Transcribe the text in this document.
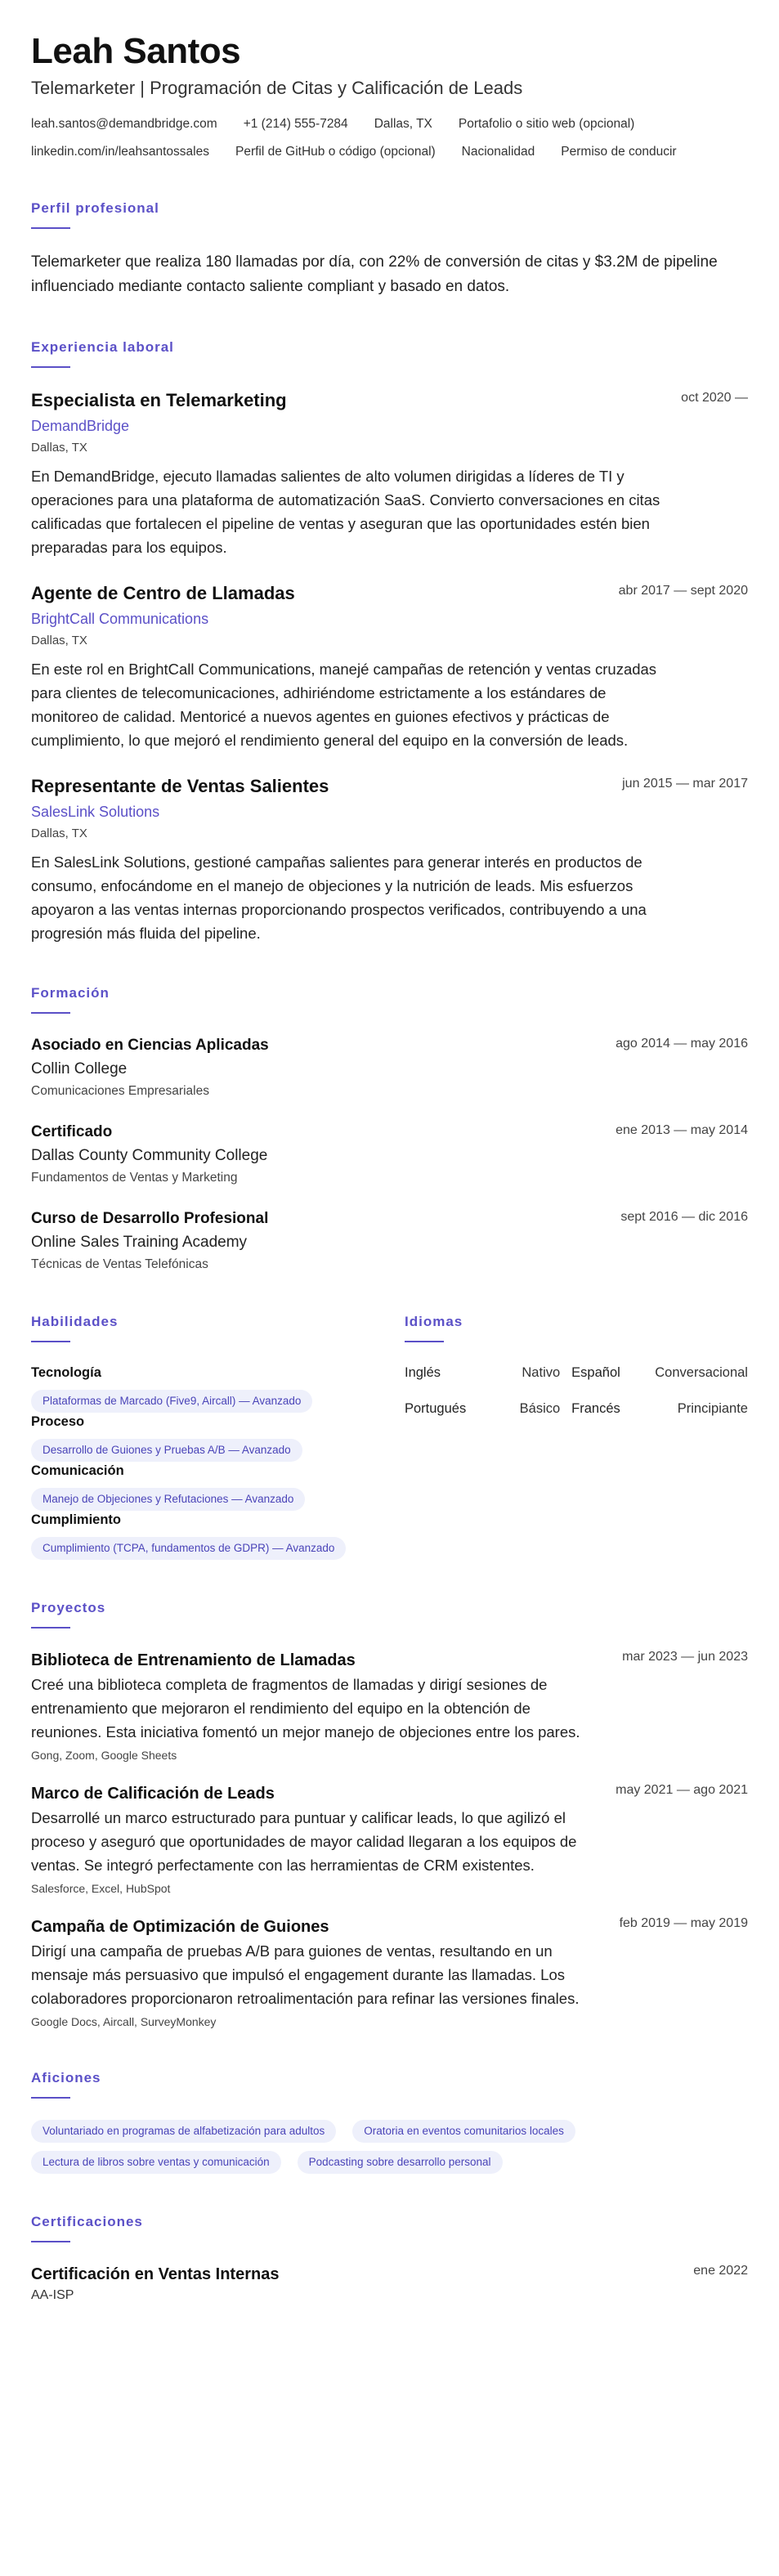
Leah Santos
Telemarketer | Programación de Citas y Calificación de Leads
leah.santos@demandbridge.com +1 (214) 555-7284 Dallas, TX Portafolio o sitio web (opcional)
linkedin.com/in/leahsantossales Perfil de GitHub o código (opcional) Nacionalidad Permiso de conducir
Perfil profesional

Telemarketer que realiza 180 llamadas por día, con 22% de conversión de citas y $3.2M de pipeline influenciado mediante contacto saliente compliant y basado en datos.

Experiencia laboral
Especialista en Telemarketing	oct 2020 —
DemandBridge
Dallas, TX

En DemandBridge, ejecuto llamadas salientes de alto volumen dirigidas a líderes de TI y operaciones para una plataforma de automatización SaaS. Convierto conversaciones en citas calificadas que fortalecen el pipeline de ventas y aseguran que las oportunidades estén bien preparadas para los equipos.

Agente de Centro de Llamadas	abr 2017 — sept 2020
BrightCall Communications
Dallas, TX

En este rol en BrightCall Communications, manejé campañas de retención y ventas cruzadas para clientes de telecomunicaciones, adhiriéndome estrictamente a los estándares de monitoreo de calidad. Mentoricé a nuevos agentes en guiones efectivos y prácticas de cumplimiento, lo que mejoró el rendimiento general del equipo en la conversión de leads.

Representante de Ventas Salientes	jun 2015 — mar 2017
SalesLink Solutions
Dallas, TX

En SalesLink Solutions, gestioné campañas salientes para generar interés en productos de consumo, enfocándome en el manejo de objeciones y la nutrición de leads. Mis esfuerzos apoyaron a las ventas internas proporcionando prospectos verificados, contribuyendo a una progresión más fluida del pipeline.

Formación
Asociado en Ciencias Aplicadas	ago 2014 — may 2016
Collin College
Comunicaciones Empresariales
Certificado	ene 2013 — may 2014
Dallas County Community College
Fundamentos de Ventas y Marketing
Curso de Desarrollo Profesional	sept 2016 — dic 2016
Online Sales Training Academy
Técnicas de Ventas Telefónicas
Habilidades
Tecnología
Plataformas de Marcado (Five9, Aircall) — Avanzado
Proceso
Desarrollo de Guiones y Pruebas A/B — Avanzado
Comunicación
Manejo de Objeciones y Refutaciones — Avanzado
Cumplimiento
Cumplimiento (TCPA, fundamentos de GDPR) — Avanzado
Idiomas
Inglés	Nativo Español	Conversacional
Portugués	Básico Francés	Principiante
Proyectos
Biblioteca de Entrenamiento de Llamadas	mar 2023 — jun 2023

Creé una biblioteca completa de fragmentos de llamadas y dirigí sesiones de entrenamiento que mejoraron el rendimiento del equipo en la obtención de reuniones. Esta iniciativa fomentó un mejor manejo de objeciones entre los pares.

Gong, Zoom, Google Sheets
Marco de Calificación de Leads	may 2021 — ago 2021

Desarrollé un marco estructurado para puntuar y calificar leads, lo que agilizó el proceso y aseguró que oportunidades de mayor calidad llegaran a los equipos de ventas. Se integró perfectamente con las herramientas de CRM existentes.

Salesforce, Excel, HubSpot
Campaña de Optimización de Guiones	feb 2019 — may 2019

Dirigí una campaña de pruebas A/B para guiones de ventas, resultando en un mensaje más persuasivo que impulsó el engagement durante las llamadas. Los colaboradores proporcionaron retroalimentación para refinar las versiones finales.

Google Docs, Aircall, SurveyMonkey
Aficiones
Voluntariado en programas de alfabetización para adultos	Oratoria en eventos comunitarios locales
Lectura de libros sobre ventas y comunicación	Podcasting sobre desarrollo personal
Certificaciones
Certificación en Ventas Internas	ene 2022
AA-ISP
